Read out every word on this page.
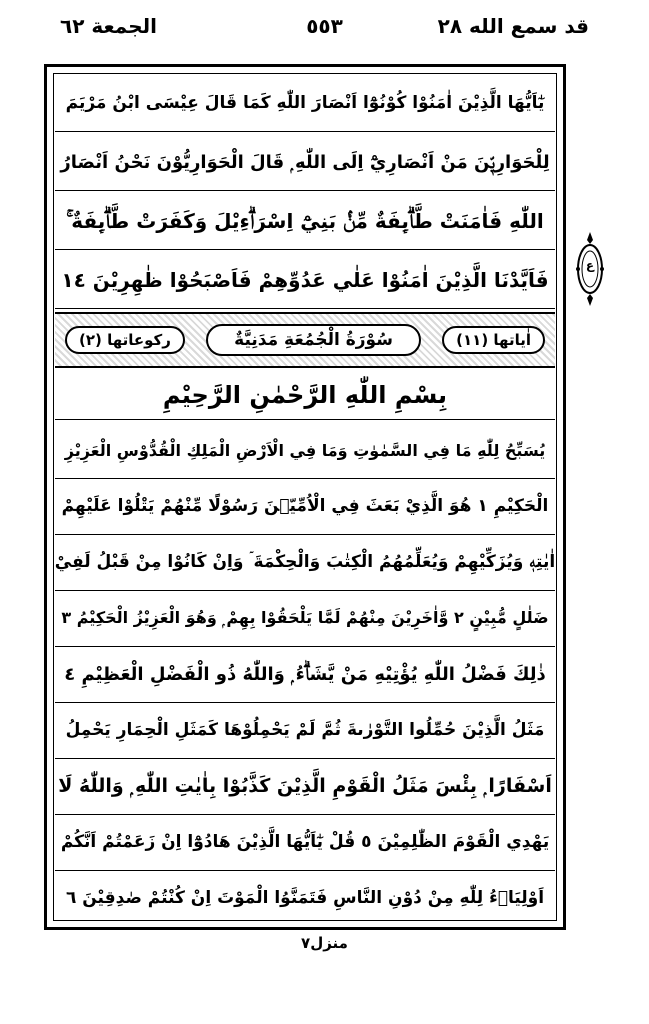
قد سمع الله ٢٨
٥٥٣
الجمعة ٦٢
يٰٓاَيُّهَا الَّذِيْنَ اٰمَنُوْا كُوْنُوْٓا اَنْصَارَ اللّٰهِ كَمَا قَالَ عِيْسَى ابْنُ مَرْيَمَ
لِلْحَوَارِيّٖنَ مَنْ اَنْصَارِيْٓ اِلَى اللّٰهِ ۭ قَالَ الْحَوَارِيُّوْنَ نَحْنُ اَنْصَارُ
اللّٰهِ فَاٰمَنَتْ طَّاۗىِٕفَةٌ مِّنْۢ بَنِيْٓ اِسْرَاۗءِيْلَ وَكَفَرَتْ طَّاۗىِٕفَةٌ ۚ
فَاَيَّدْنَا الَّذِيْنَ اٰمَنُوْا عَلٰي عَدُوِّهِمْ فَاَصْبَحُوْا ظٰهِرِيْنَ ١٤
اٰياتها (١١)
سُوْرَةُ الْجُمُعَةِ مَدَنِيَّةٌ
ركوعاتها (٢)
بِسْمِ اللّٰهِ الرَّحْمٰنِ الرَّحِيْمِ
يُسَبِّحُ لِلّٰهِ مَا فِي السَّمٰوٰتِ وَمَا فِي الْاَرْضِ الْمَلِكِ الْقُدُّوْسِ الْعَزِيْزِ
الْحَكِيْمِ ١ هُوَ الَّذِيْ بَعَثَ فِي الْاُمِّيّٖنَ رَسُوْلًا مِّنْهُمْ يَتْلُوْا عَلَيْهِمْ
اٰيٰتِهٖ وَيُزَكِّيْهِمْ وَيُعَلِّمُهُمُ الْكِتٰبَ وَالْحِكْمَةَ ۤ وَاِنْ كَانُوْا مِنْ قَبْلُ لَفِيْ
ضَلٰلٍ مُّبِيْنٍ ٢ وَّاٰخَرِيْنَ مِنْهُمْ لَمَّا يَلْحَقُوْا بِهِمْ ۭ وَهُوَ الْعَزِيْزُ الْحَكِيْمُ ٣
ذٰلِكَ فَضْلُ اللّٰهِ يُؤْتِيْهِ مَنْ يَّشَاۗءُ ۭ وَاللّٰهُ ذُو الْفَضْلِ الْعَظِيْمِ ٤
مَثَلُ الَّذِيْنَ حُمِّلُوا التَّوْرٰىةَ ثُمَّ لَمْ يَحْمِلُوْهَا كَمَثَلِ الْحِمَارِ يَحْمِلُ
اَسْفَارًا ۭ بِئْسَ مَثَلُ الْقَوْمِ الَّذِيْنَ كَذَّبُوْا بِاٰيٰتِ اللّٰهِ ۭ وَاللّٰهُ لَا
يَهْدِي الْقَوْمَ الظّٰلِمِيْنَ ٥ قُلْ يٰٓاَيُّهَا الَّذِيْنَ هَادُوْٓا اِنْ زَعَمْتُمْ اَنَّكُمْ
اَوْلِيَاۗءُ لِلّٰهِ مِنْ دُوْنِ النَّاسِ فَتَمَنَّوُا الْمَوْتَ اِنْ كُنْتُمْ صٰدِقِيْنَ ٦
ع
منزل٧
